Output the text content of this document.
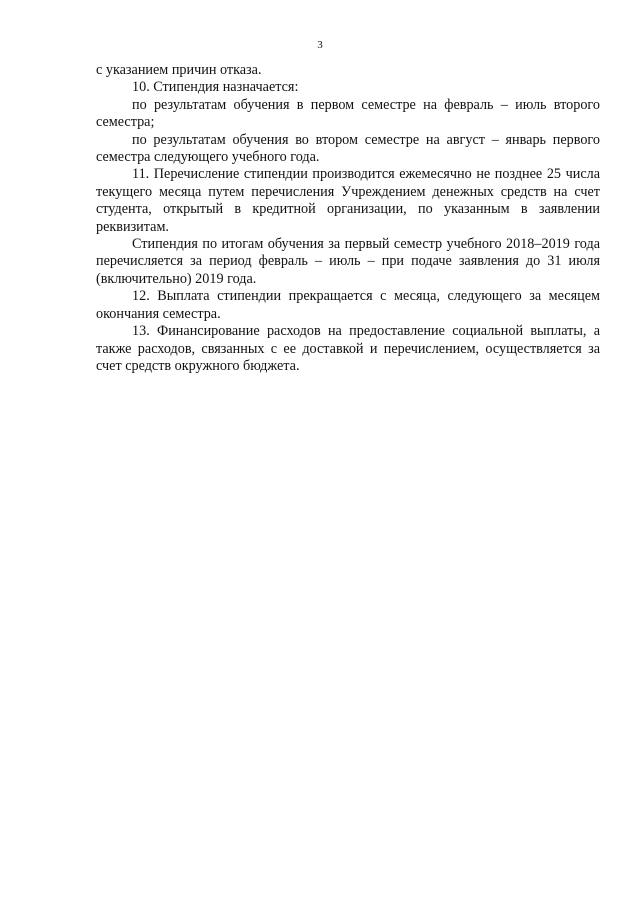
3

с указанием причин отказа.

10. Стипендия назначается:

по результатам обучения в первом семестре на февраль – июль второго семестра;

по результатам обучения во втором семестре на август – январь первого семестра следующего учебного года.

11. Перечисление стипендии производится ежемесячно не позднее 25 числа текущего месяца путем перечисления Учреждением денежных средств на счет студента, открытый в кредитной организации, по указанным в заявлении реквизитам.

Стипендия по итогам обучения за первый семестр учебного 2018–2019 года перечисляется за период февраль – июль – при подаче заявления до 31 июля (включительно) 2019 года.

12. Выплата стипендии прекращается с месяца, следующего за месяцем окончания семестра.

13. Финансирование расходов на предоставление социальной выплаты, а также расходов, связанных с ее доставкой и перечислением, осуществляется за счет средств окружного бюджета.
